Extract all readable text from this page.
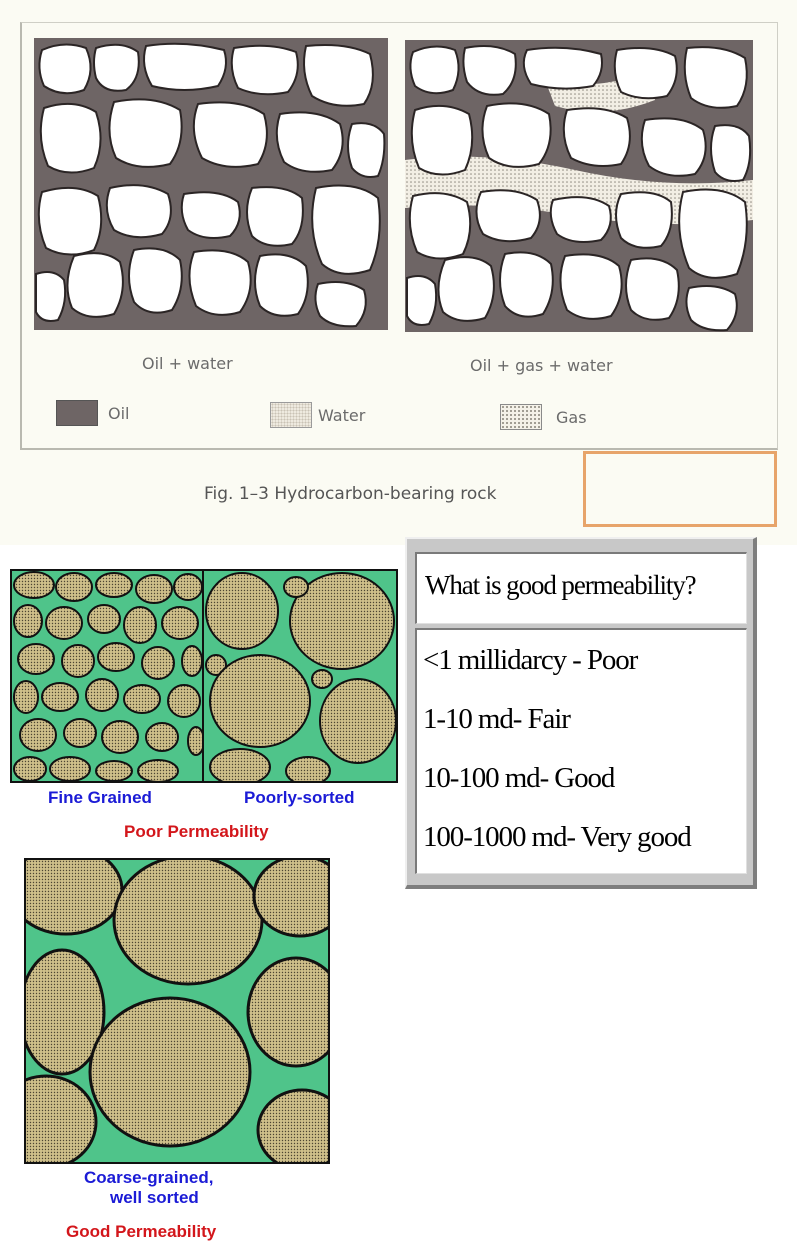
Oil + water	Oil + gas + water
Oil	Water	Gas
Fig. 1–3 Hydrocarbon-bearing rock
Fine Grained	Poorly-sorted
Poor Permeability
Coarse-grained,
well sorted
Good Permeability
What is good permeability?
<1 millidarcy - Poor
1-10 md- Fair
10-100 md- Good
100-1000 md- Very good
